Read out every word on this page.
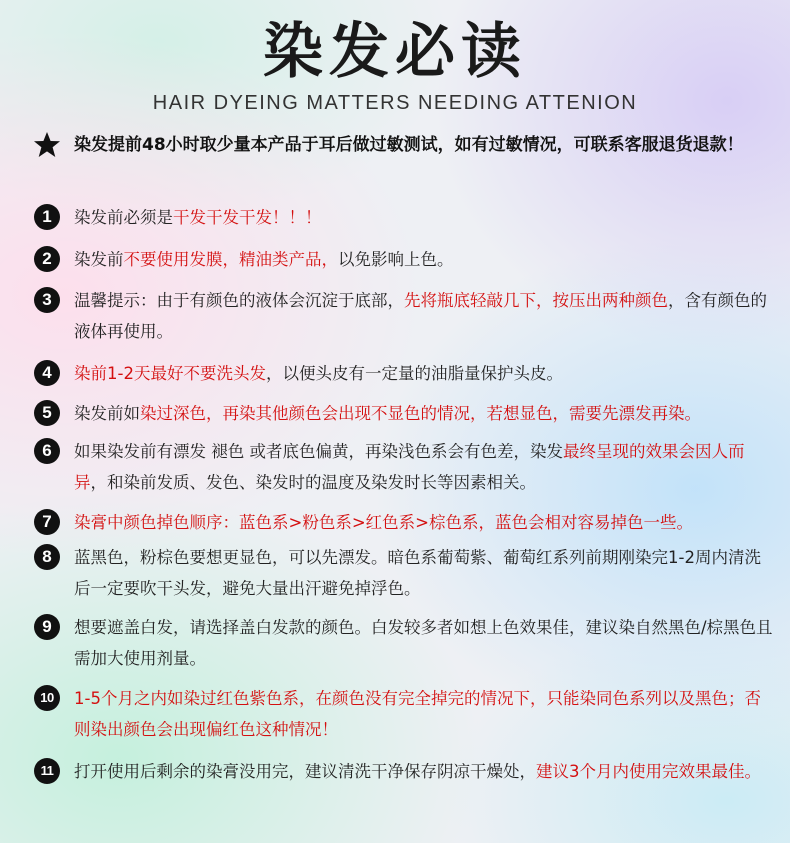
染发必读
HAIR DYEING MATTERS NEEDING ATTENION
染发提前48小时取少量本产品于耳后做过敏测试，如有过敏情况，可联系客服退货退款！
1	染发前必须是干发干发干发！！！
2	染发前不要使用发膜，精油类产品，以免影响上色。
3	温馨提示：由于有颜色的液体会沉淀于底部，先将瓶底轻敲几下，按压出两种颜色，含有颜色的液体再使用。
4	染前1-2天最好不要洗头发，以便头皮有一定量的油脂量保护头皮。
5	染发前如染过深色，再染其他颜色会出现不显色的情况，若想显色，需要先漂发再染。
6	如果染发前有漂发 褪色 或者底色偏黄，再染浅色系会有色差，染发最终呈现的效果会因人而异，和染前发质、发色、染发时的温度及染发时长等因素相关。
7	染膏中颜色掉色顺序：蓝色系>粉色系>红色系>棕色系，蓝色会相对容易掉色一些。
8	蓝黑色，粉棕色要想更显色，可以先漂发。暗色系葡萄紫、葡萄红系列前期刚染完1-2周内清洗后一定要吹干头发，避免大量出汗避免掉浮色。
9	想要遮盖白发，请选择盖白发款的颜色。白发较多者如想上色效果佳，建议染自然黑色/棕黑色且需加大使用剂量。
10	1-5个月之内如染过红色紫色系，在颜色没有完全掉完的情况下，只能染同色系列以及黑色；否则染出颜色会出现偏红色这种情况！
11	打开使用后剩余的染膏没用完，建议清洗干净保存阴凉干燥处，建议3个月内使用完效果最佳。
